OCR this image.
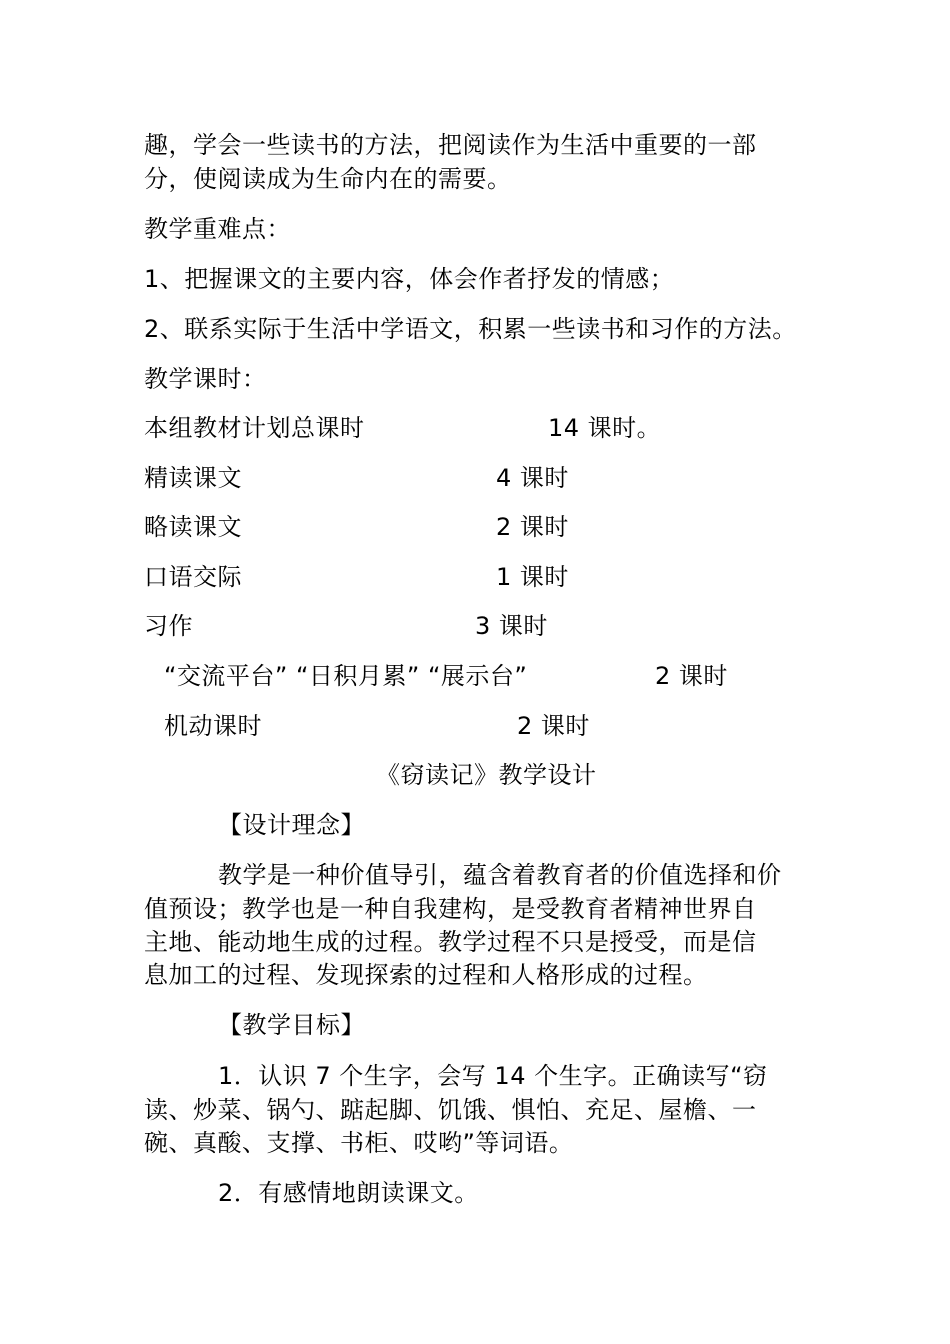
趣，学会一些读书的方法，把阅读作为生活中重要的一部
分，使阅读成为生命内在的需要。
教学重难点：
1、把握课文的主要内容，体会作者抒发的情感；
2、联系实际于生活中学语文，积累一些读书和习作的方法。
教学课时：
本组教材计划总课时	14 课时。
精读课文	4 课时
略读课文	2 课时
口语交际	1 课时
习作	3 课时
“交流平台” “日积月累” “展示台”	2 课时
机动课时	2 课时
《窃读记》教学设计
【设计理念】
教学是一种价值导引，蕴含着教育者的价值选择和价
值预设；教学也是一种自我建构，是受教育者精神世界自
主地、能动地生成的过程。教学过程不只是授受，而是信
息加工的过程、发现探索的过程和人格形成的过程。
【教学目标】
1．认识 7 个生字，会写 14 个生字。正确读写“窃
读、炒菜、锅勺、踮起脚、饥饿、惧怕、充足、屋檐、一
碗、真酸、支撑、书柜、哎哟”等词语。
2．有感情地朗读课文。
